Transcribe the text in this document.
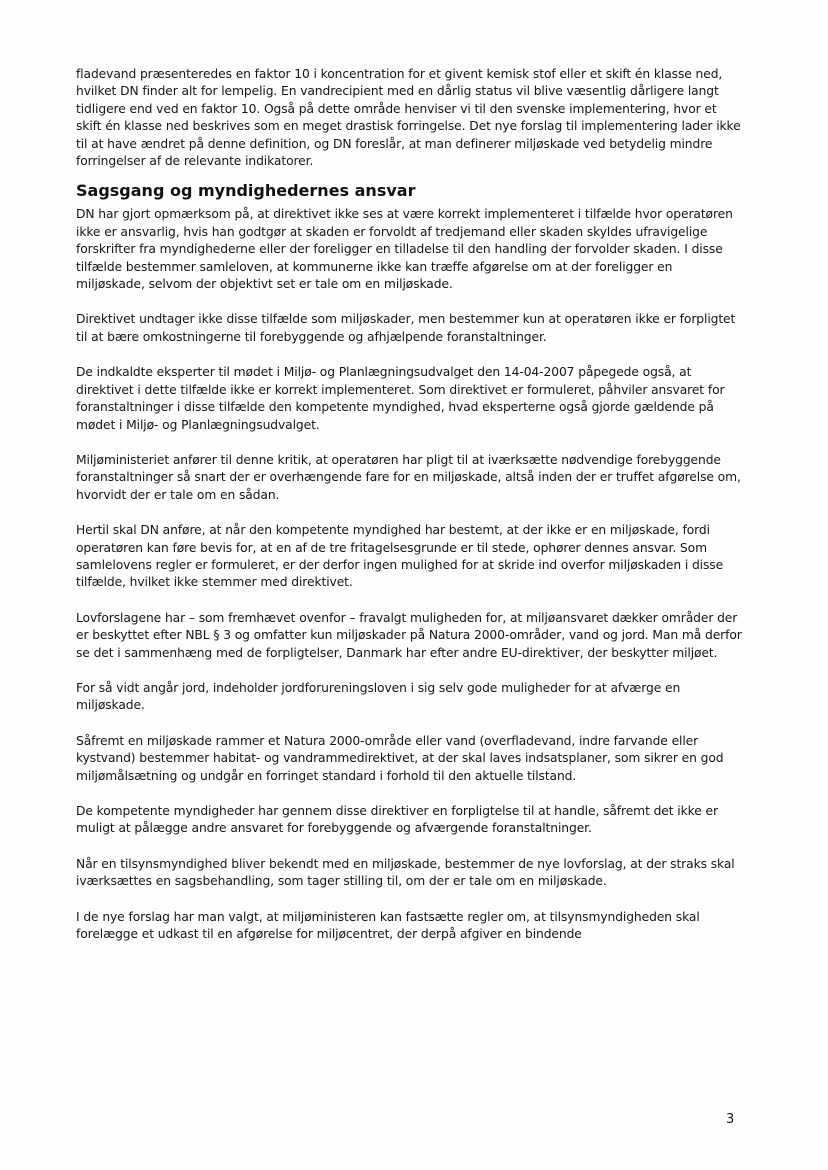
fladevand præsenteredes en faktor 10 i koncentration for et givent kemisk stof eller et skift én klasse ned, hvilket DN finder alt for lempelig. En vandrecipient med en dårlig status vil blive væsentlig dårligere langt tidligere end ved en faktor 10. Også på dette område henviser vi til den svenske implementering, hvor et skift én klasse ned beskrives som en meget drastisk forringelse. Det nye forslag til implementering lader ikke til at have ændret på denne definition, og DN foreslår, at man definerer miljøskade ved betydelig mindre forringelser af de relevante indikatorer.

Sagsgang og myndighedernes ansvar

DN har gjort opmærksom på, at direktivet ikke ses at være korrekt implementeret i tilfælde hvor operatøren ikke er ansvarlig, hvis han godtgør at skaden er forvoldt af tredjemand eller skaden skyldes ufravigelige forskrifter fra myndighederne eller der foreligger en tilladelse til den handling der forvolder skaden. I disse tilfælde bestemmer samleloven, at kommunerne ikke kan træffe afgørelse om at der foreligger en miljøskade, selvom der objektivt set er tale om en miljøskade.

Direktivet undtager ikke disse tilfælde som miljøskader, men bestemmer kun at operatøren ikke er forpligtet til at bære omkostningerne til forebyggende og afhjælpende foranstaltninger.

De indkaldte eksperter til mødet i Miljø- og Planlægningsudvalget den 14-04-2007 påpegede også, at direktivet i dette tilfælde ikke er korrekt implementeret. Som direktivet er formuleret, påhviler ansvaret for foranstaltninger i disse tilfælde den kompetente myndighed, hvad eksperterne også gjorde gældende på mødet i Miljø- og Planlægningsudvalget.

Miljøministeriet anfører til denne kritik, at operatøren har pligt til at iværksætte nødvendige forebyggende foranstaltninger så snart der er overhængende fare for en miljøskade, altså inden der er truffet afgørelse om, hvorvidt der er tale om en sådan.

Hertil skal DN anføre, at når den kompetente myndighed har bestemt, at der ikke er en miljøskade, fordi operatøren kan føre bevis for, at en af de tre fritagelsesgrunde er til stede, ophører dennes ansvar. Som samlelovens regler er formuleret, er der derfor ingen mulighed for at skride ind overfor miljøskaden i disse tilfælde, hvilket ikke stemmer med direktivet.

Lovforslagene har – som fremhævet ovenfor – fravalgt muligheden for, at miljøansvaret dækker områder der er beskyttet efter NBL § 3 og omfatter kun miljøskader på Natura 2000-områder, vand og jord. Man må derfor se det i sammenhæng med de forpligtelser, Danmark har efter andre EU-direktiver, der beskytter miljøet.

For så vidt angår jord, indeholder jordforureningsloven i sig selv gode muligheder for at afværge en miljøskade.

Såfremt en miljøskade rammer et Natura 2000-område eller vand (overfladevand, indre farvande eller kystvand) bestemmer habitat- og vandrammedirektivet, at der skal laves indsatsplaner, som sikrer en god miljømålsætning og undgår en forringet standard i forhold til den aktuelle tilstand.

De kompetente myndigheder har gennem disse direktiver en forpligtelse til at handle, såfremt det ikke er muligt at pålægge andre ansvaret for forebyggende og afværgende foranstaltninger.

Når en tilsynsmyndighed bliver bekendt med en miljøskade, bestemmer de nye lovforslag, at der straks skal iværksættes en sagsbehandling, som tager stilling til, om der er tale om en miljøskade.

I de nye forslag har man valgt, at miljøministeren kan fastsætte regler om, at tilsynsmyndigheden skal forelægge et udkast til en afgørelse for miljøcentret, der derpå afgiver en bindende

3
